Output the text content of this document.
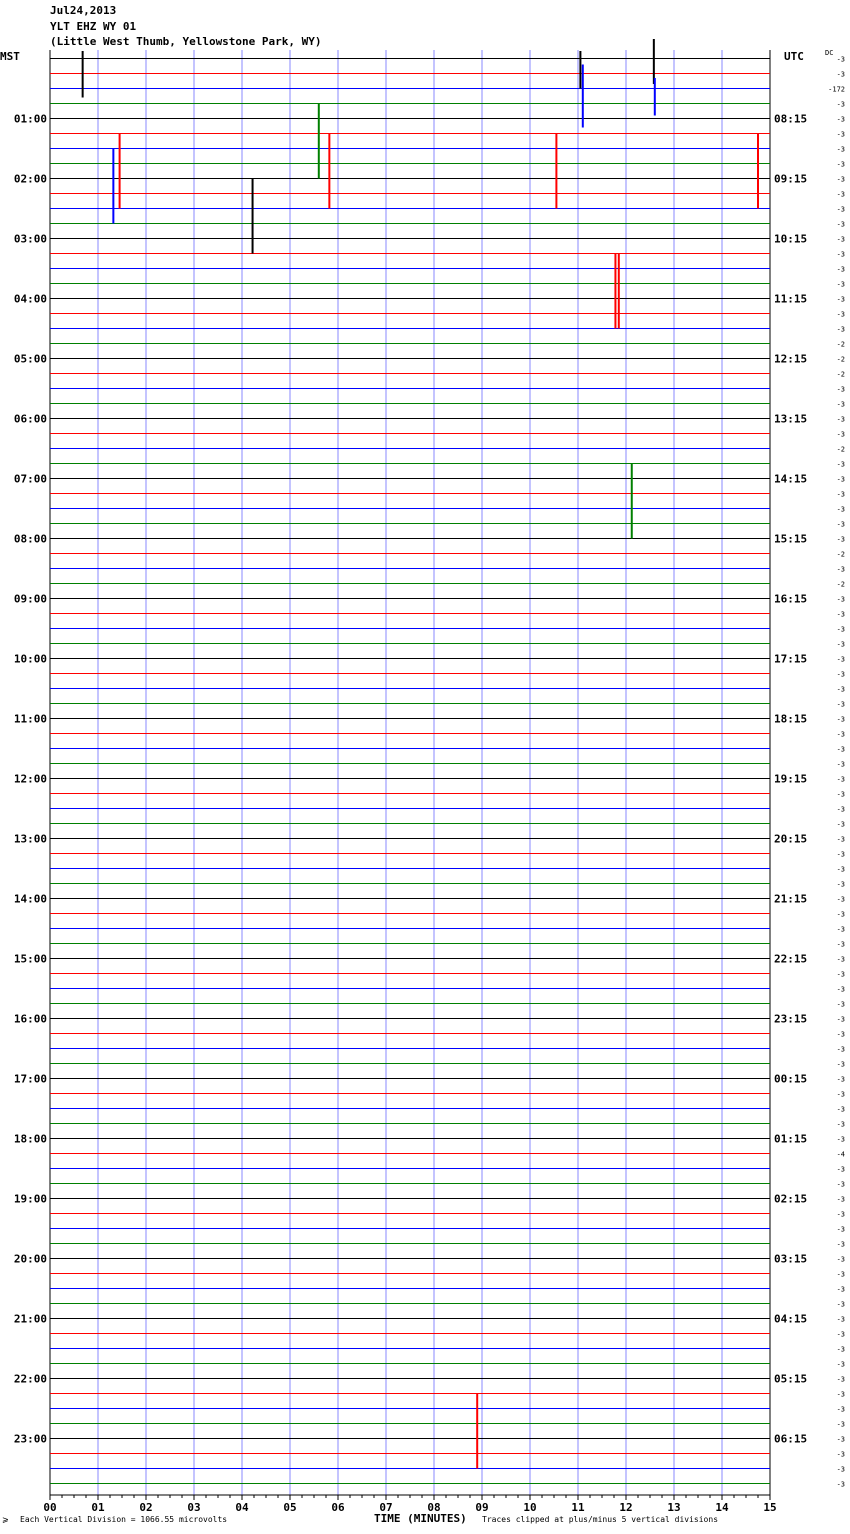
01:00
02:00
03:00
04:00
05:00
06:00
07:00
08:00
09:00
10:00
11:00
12:00
13:00
14:00
15:00
16:00
17:00
18:00
19:00
20:00
21:00
22:00
23:00
08:15
09:15
10:15
11:15
12:15
13:15
14:15
15:15
16:15
17:15
18:15
19:15
20:15
21:15
22:15
23:15
00:15
01:15
02:15
03:15
04:15
05:15
06:15
-3
-3
-172
-3
-3
-3
-3
-3
-3
-3
-3
-3
-3
-3
-3
-3
-3
-3
-3
-2
-2
-2
-3
-3
-3
-3
-2
-3
-3
-3
-3
-3
-3
-2
-3
-2
-3
-3
-3
-3
-3
-3
-3
-3
-3
-3
-3
-3
-3
-3
-3
-3
-3
-3
-3
-3
-3
-3
-3
-3
-3
-3
-3
-3
-3
-3
-3
-3
-3
-3
-3
-3
-3
-4
-3
-3
-3
-3
-3
-3
-3
-3
-3
-3
-3
-3
-3
-3
-3
-3
-3
-3
-3
-3
-3
-3
00	01	02	03	04	05	06	07	08	09	10	11	12	13	14	15
Jul24,2013
YLT EHZ WY 01
(Little West Thumb, Yellowstone Park, WY)
MST	UTC	DC
TIME (MINUTES)
⩾ Each Vertical Division = 1066.55 microvolts	Traces clipped at plus/minus 5 vertical divisions
